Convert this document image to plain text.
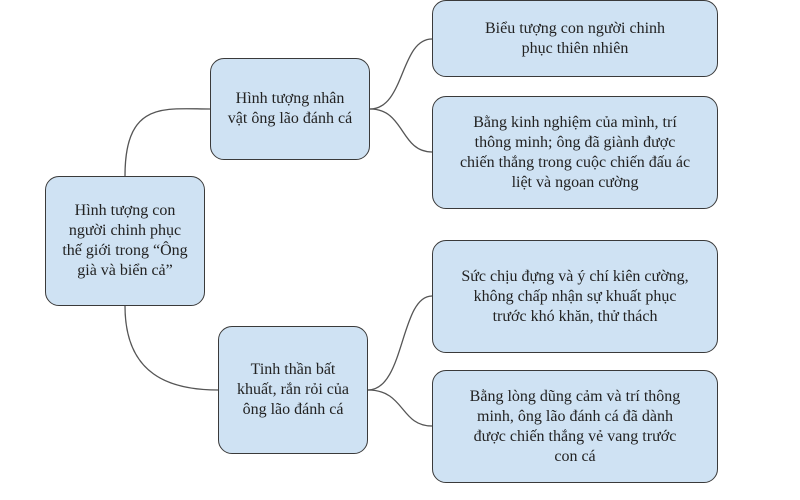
Hình tượng con người chinh phục thế giới trong “Ông già và biển cả”
Hình tượng nhân vật ông lão đánh cá
Tinh thần bất khuất, rắn rỏi của ông lão đánh cá
Biểu tượng con người chinh phục thiên nhiên
Bằng kinh nghiệm của mình, trí thông minh; ông đã giành được chiến thắng trong cuộc chiến đấu ác liệt và ngoan cường
Sức chịu đựng và ý chí kiên cường, không chấp nhận sự khuất phục trước khó khăn, thử thách
Bằng lòng dũng cảm và trí thông minh, ông lão đánh cá đã dành được chiến thắng vẻ vang trước con cá
